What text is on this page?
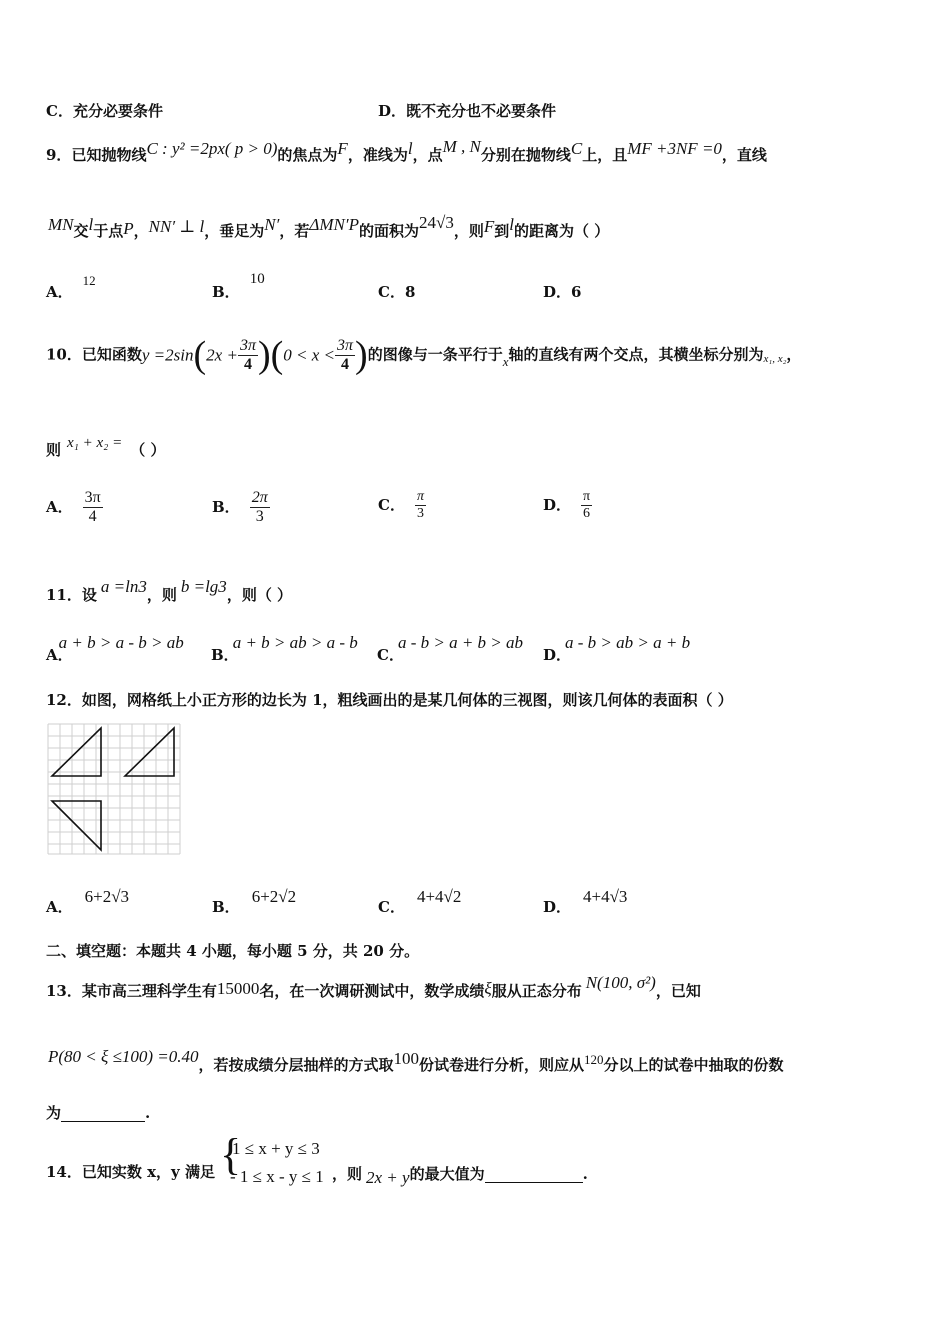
C．充分必要条件	D．既不充分也不必要条件
9．已知抛物线C : y² =2px( p > 0)的焦点为F，准线为l，点M , N分别在抛物线C上，且MF +3NF =0，直线
MN交l于点P，NN′ ⊥ l，垂足为N′，若ΔMN′P的面积为24√3，则F到l的距离为（ ）
A．12
B．10
C．8	D．6
10．已知函数$y =2\sin(2x + \frac{3\pi}{4} )(0 < x < \frac{3\pi}{4}$ )的图像与一条平行于x轴的直线有两个交点，其横坐标分别为$_{x_1, x_2}$，
则 x₁ + x₂ = （ ）
A． $\frac{3\pi}{4}$	B． $\frac{2\pi}{3}$	C． $\frac{\pi}{3}$	D． $\frac{\pi}{6}$
11．设 a =ln3，则 b =lg3，则（ ）
A．a + b > a - b > ab
B．a + b > ab > a - b
C．a - b > a + b > ab
D．a - b > ab > a + b
12．如图，网格纸上小正方形的边长为 1，粗线画出的是某几何体的三视图，则该几何体的表面积（ ）
A．6+2√3
B．6+2√2
C．4+4√2
D．4+4√3
二、填空题：本题共 4 小题，每小题 5 分，共 20 分。
13．某市高三理科学生有15000名，在一次调研测试中，数学成绩ξ服从正态分布 N(100, σ²)，已知
P(80 < ξ ≤100) =0.40，若按成绩分层抽样的方式取100份试卷进行分析，则应从120分以上的试卷中抽取的份数
为	.
14．已知实数 x，y 满足 {
1 ≤ x + y ≤ 3
- 1 ≤ x - y ≤ 1 ，则 2x + y的最大值为	.
